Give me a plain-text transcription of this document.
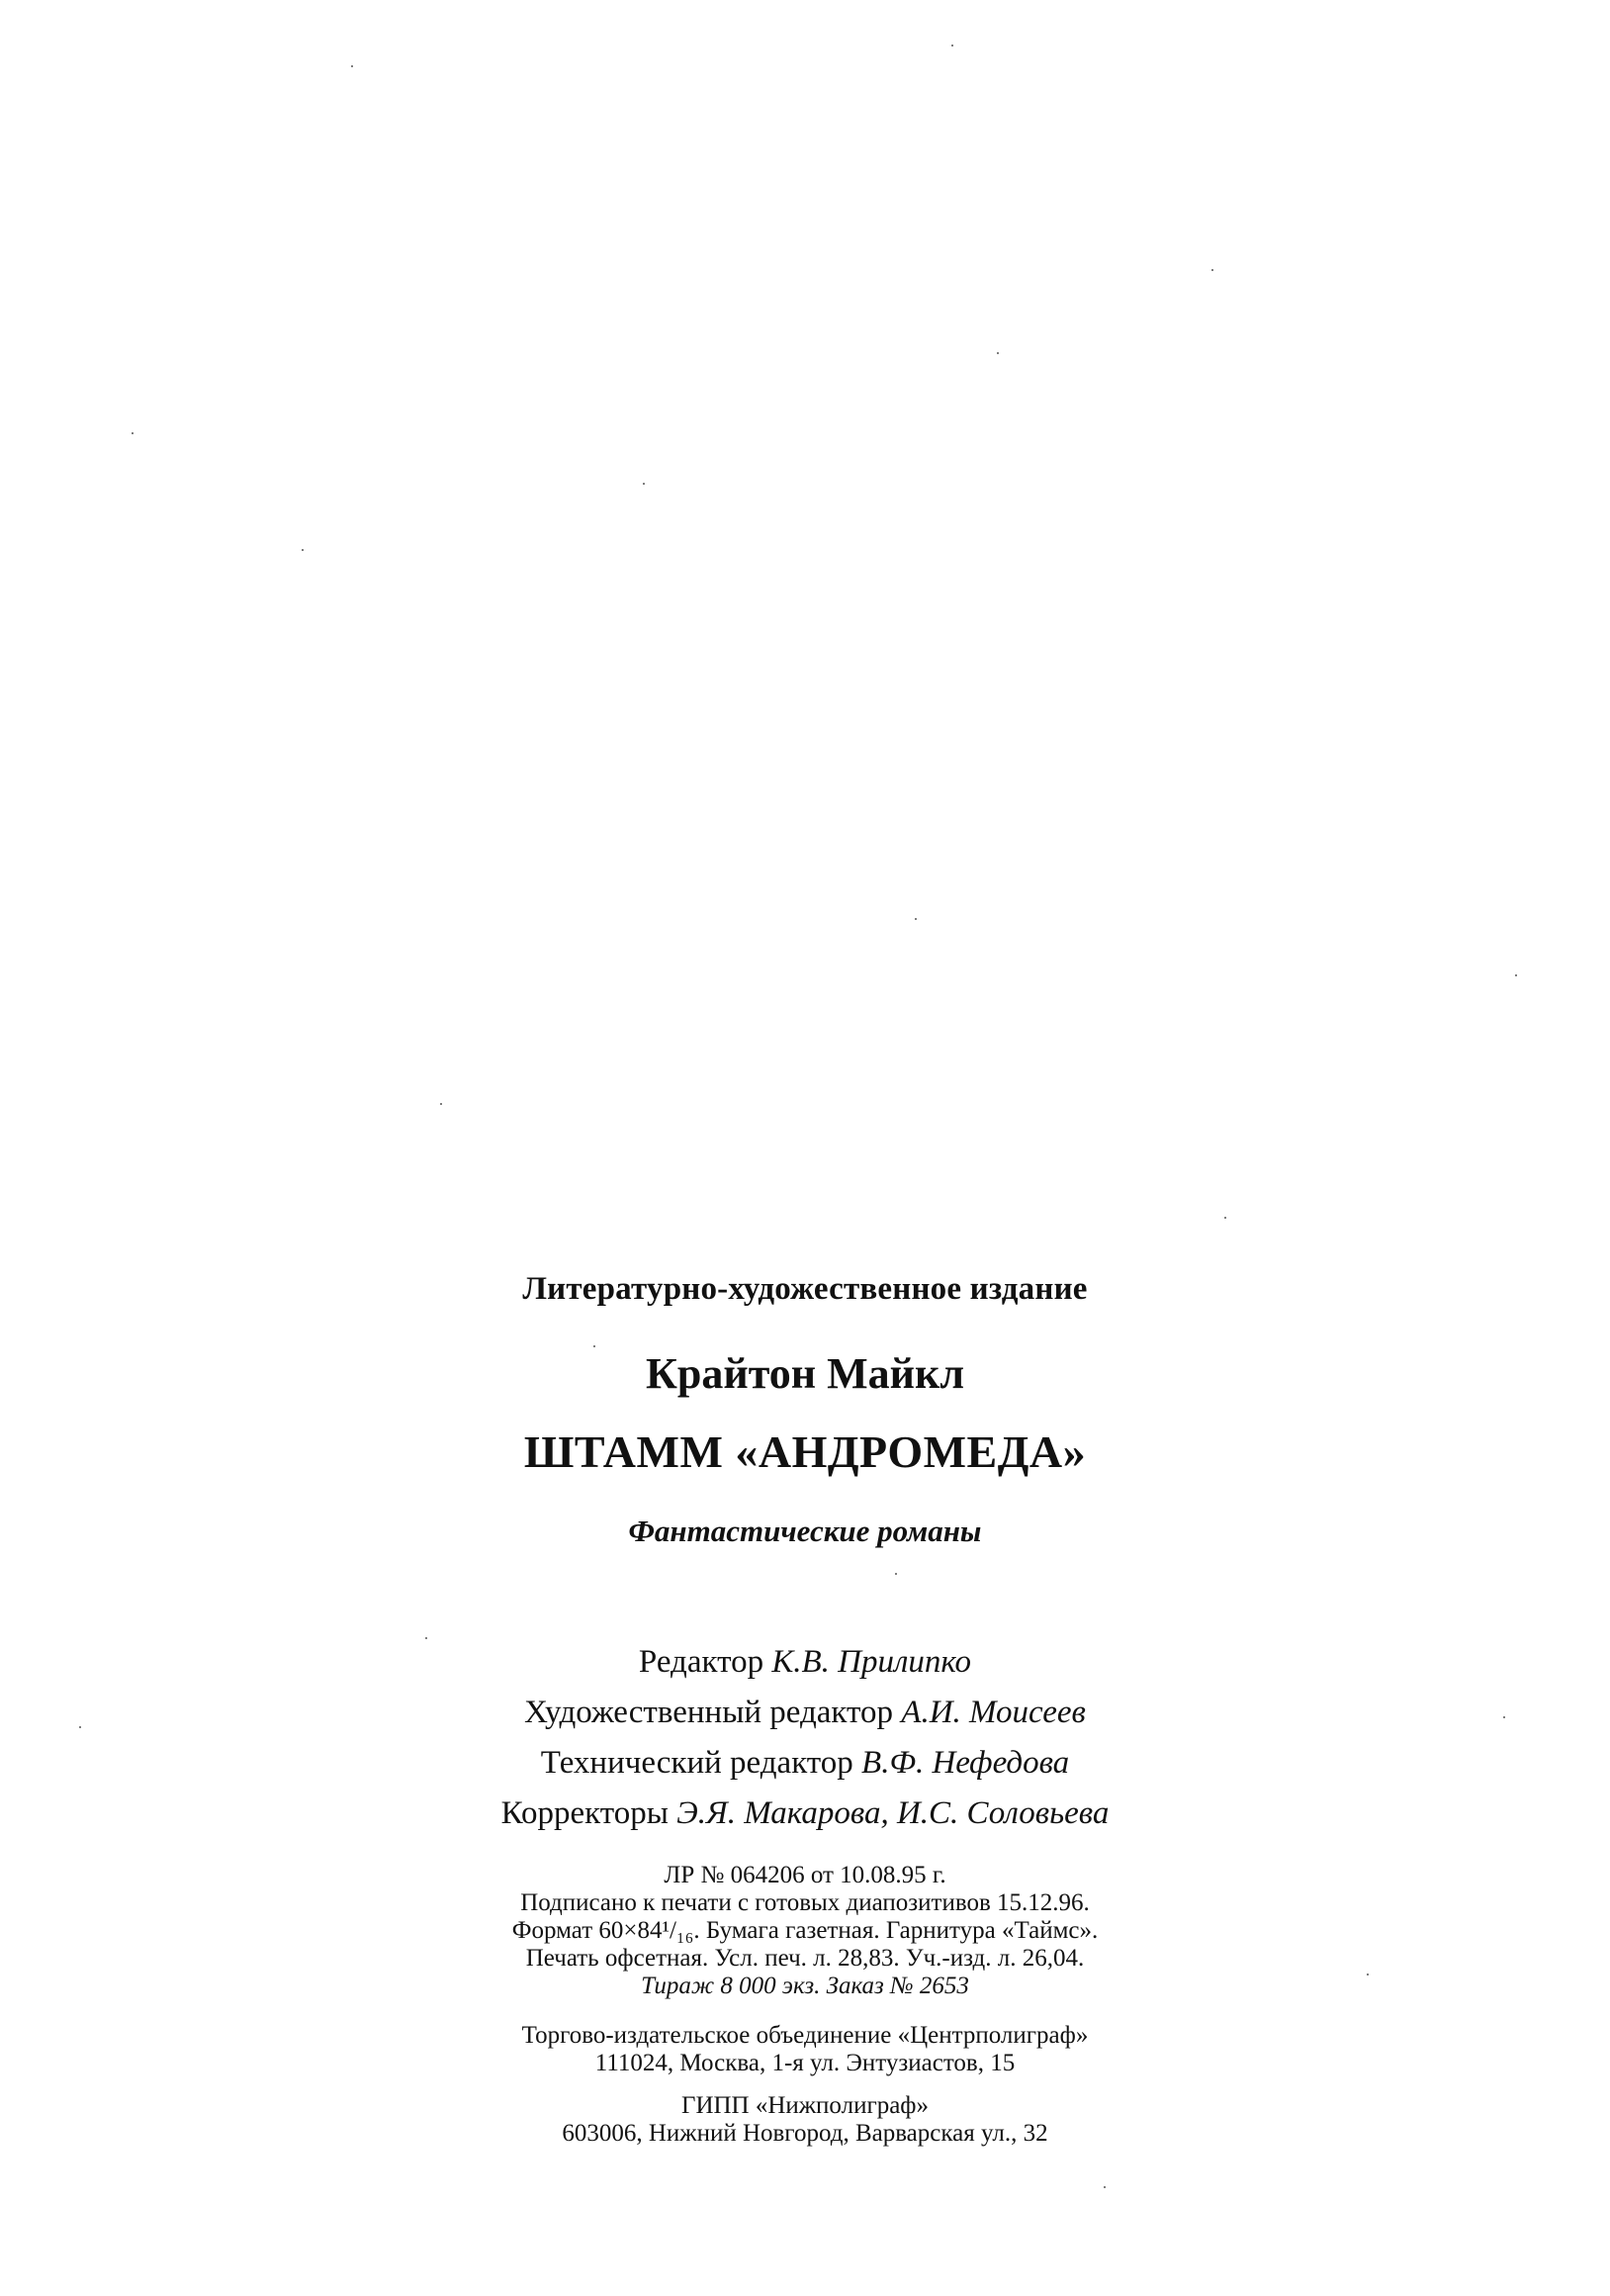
Литературно-художественное издание
Крайтон Майкл
ШТАММ «АНДРОМЕДА»
Фантастические романы
Редактор К.В. Прилипко
Художественный редактор А.И. Моисеев
Технический редактор В.Ф. Нефедова
Корректоры Э.Я. Макарова, И.С. Соловьева
ЛР № 064206 от 10.08.95 г.
Подписано к печати с готовых диапозитивов 15.12.96.
Формат 60×84¹/₁₆. Бумага газетная. Гарнитура «Таймс».
Печать офсетная. Усл. печ. л. 28,83. Уч.-изд. л. 26,04.
Тираж 8 000 экз. Заказ № 2653
Торгово-издательское объединение «Центрполиграф»
111024, Москва, 1-я ул. Энтузиастов, 15
ГИПП «Нижполиграф»
603006, Нижний Новгород, Варварская ул., 32
